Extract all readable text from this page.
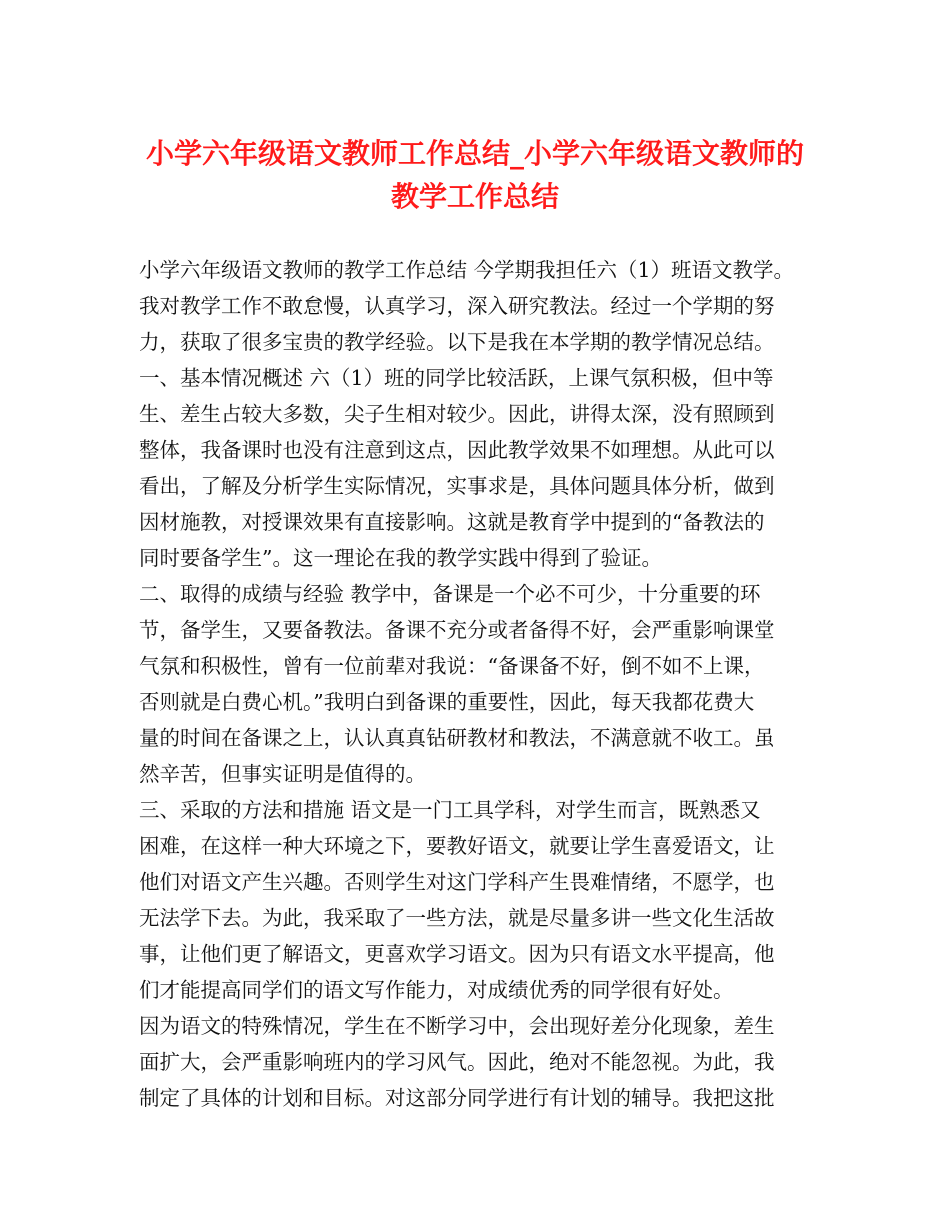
小学六年级语文教师工作总结_小学六年级语文教师的
教学工作总结
小学六年级语文教师的教学工作总结 今学期我担任六（1）班语文教学。
我对教学工作不敢怠慢，认真学习，深入研究教法。经过一个学期的努
力，获取了很多宝贵的教学经验。以下是我在本学期的教学情况总结。
一、基本情况概述 六（1）班的同学比较活跃，上课气氛积极，但中等
生、差生占较大多数，尖子生相对较少。因此，讲得太深，没有照顾到
整体，我备课时也没有注意到这点，因此教学效果不如理想。从此可以
看出，了解及分析学生实际情况，实事求是，具体问题具体分析，做到
因材施教，对授课效果有直接影响。这就是教育学中提到的“备教法的
同时要备学生”。这一理论在我的教学实践中得到了验证。
二、取得的成绩与经验 教学中，备课是一个必不可少，十分重要的环
节，备学生，又要备教法。备课不充分或者备得不好，会严重影响课堂
气氛和积极性，曾有一位前辈对我说：“备课备不好，倒不如不上课，
否则就是白费心机。”我明白到备课的重要性，因此，每天我都花费大
量的时间在备课之上，认认真真钻研教材和教法，不满意就不收工。虽
然辛苦，但事实证明是值得的。
三、采取的方法和措施 语文是一门工具学科，对学生而言，既熟悉又
困难，在这样一种大环境之下，要教好语文，就要让学生喜爱语文，让
他们对语文产生兴趣。否则学生对这门学科产生畏难情绪，不愿学，也
无法学下去。为此，我采取了一些方法，就是尽量多讲一些文化生活故
事，让他们更了解语文，更喜欢学习语文。因为只有语文水平提高，他
们才能提高同学们的语文写作能力，对成绩优秀的同学很有好处。
因为语文的特殊情况，学生在不断学习中，会出现好差分化现象，差生
面扩大，会严重影响班内的学习风气。因此，绝对不能忽视。为此，我
制定了具体的计划和目标。对这部分同学进行有计划的辅导。我把这批
